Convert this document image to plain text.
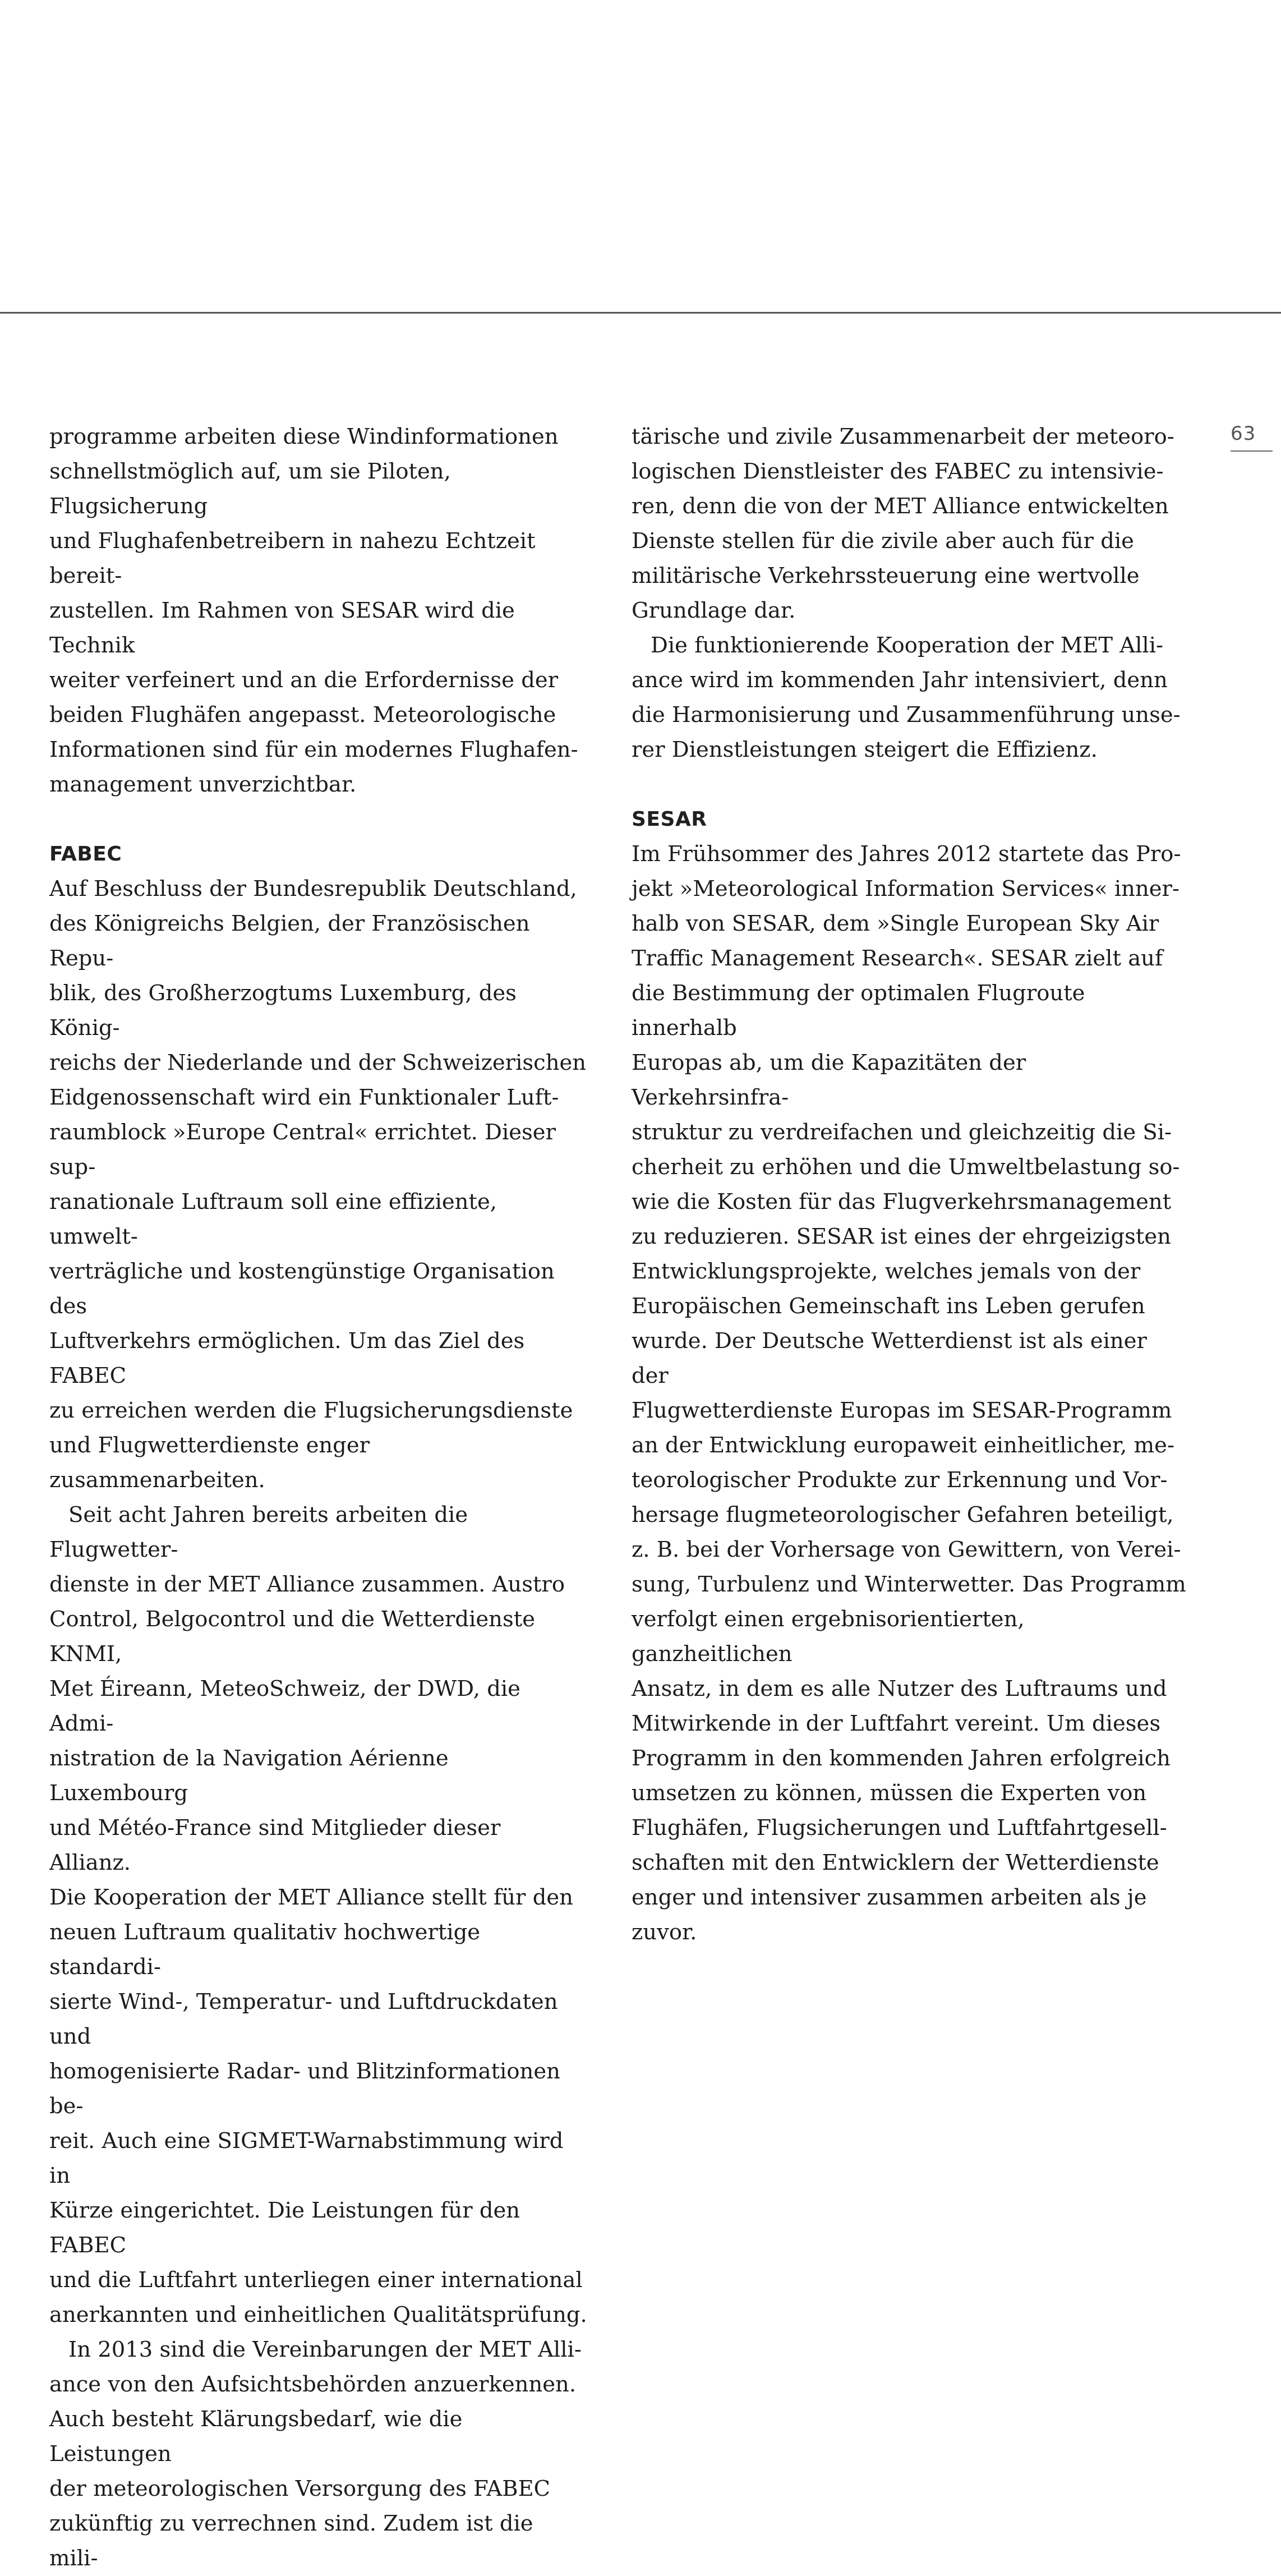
63

programme arbeiten diese Windinformationen
schnellstmöglich auf, um sie Piloten, Flugsicherung
und Flughafenbetreibern in nahezu Echtzeit bereit-
zustellen. Im Rahmen von SESAR wird die Technik
weiter verfeinert und an die Erfordernisse der
beiden Flughäfen angepasst. Meteorologische
Informationen sind für ein modernes Flughafen-
management unverzichtbar.

FABEC

Auf Beschluss der Bundesrepublik Deutschland,
des Königreichs Belgien, der Französischen Repu-
blik, des Großherzogtums Luxemburg, des König-
reichs der Niederlande und der Schweizerischen
Eidgenossenschaft wird ein Funktionaler Luft-
raumblock »Europe Central« errichtet. Dieser sup-
ranationale Luftraum soll eine effiziente, umwelt-
verträgliche und kostengünstige Organisation des
Luftverkehrs ermöglichen. Um das Ziel des FABEC
zu erreichen werden die Flugsicherungsdienste
und Flugwetterdienste enger zusammenarbeiten.

Seit acht Jahren bereits arbeiten die Flugwetter-
dienste in der MET Alliance zusammen. Austro
Control, Belgocontrol und die Wetterdienste KNMI,
Met Éireann, MeteoSchweiz, der DWD, die Admi-
nistration de la Navigation Aérienne Luxembourg
und Météo-France sind Mitglieder dieser Allianz.
Die Kooperation der MET Alliance stellt für den
neuen Luftraum qualitativ hochwertige standardi-
sierte Wind-, Temperatur- und Luftdruckdaten und
homogenisierte Radar- und Blitzinformationen be-
reit. Auch eine SIGMET-Warnabstimmung wird in
Kürze eingerichtet. Die Leistungen für den FABEC
und die Luftfahrt unterliegen einer international
anerkannten und einheitlichen Qualitätsprüfung.

In 2013 sind die Vereinbarungen der MET Alli-
ance von den Aufsichtsbehörden anzuerkennen.
Auch besteht Klärungsbedarf, wie die Leistungen
der meteorologischen Versorgung des FABEC
zukünftig zu verrechnen sind. Zudem ist die mili-

tärische und zivile Zusammenarbeit der meteoro-
logischen Dienstleister des FABEC zu intensivie-
ren, denn die von der MET Alliance entwickelten
Dienste stellen für die zivile aber auch für die
militärische Verkehrssteuerung eine wertvolle
Grundlage dar.

Die funktionierende Kooperation der MET Alli-
ance wird im kommenden Jahr intensiviert, denn
die Harmonisierung und Zusammenführung unse-
rer Dienstleistungen steigert die Effizienz.

SESAR

Im Frühsommer des Jahres 2012 startete das Pro-
jekt »Meteorological Information Services« inner-
halb von SESAR, dem »Single European Sky Air
Traffic Management Research«. SESAR zielt auf
die Bestimmung der optimalen Flugroute innerhalb
Europas ab, um die Kapazitäten der Verkehrsinfra-
struktur zu verdreifachen und gleichzeitig die Si-
cherheit zu erhöhen und die Umweltbelastung so-
wie die Kosten für das Flugverkehrsmanagement
zu reduzieren. SESAR ist eines der ehrgeizigsten
Entwicklungsprojekte, welches jemals von der
Europäischen Gemeinschaft ins Leben gerufen
wurde. Der Deutsche Wetterdienst ist als einer der
Flugwetterdienste Europas im SESAR-Programm
an der Entwicklung europaweit einheitlicher, me-
teorologischer Produkte zur Erkennung und Vor-
hersage flugmeteorologischer Gefahren beteiligt,
z. B. bei der Vorhersage von Gewittern, von Verei-
sung, Turbulenz und Winterwetter. Das Programm
verfolgt einen ergebnisorientierten, ganzheitlichen
Ansatz, in dem es alle Nutzer des Luftraums und
Mitwirkende in der Luftfahrt vereint. Um dieses
Programm in den kommenden Jahren erfolgreich
umsetzen zu können, müssen die Experten von
Flughäfen, Flugsicherungen und Luftfahrtgesell-
schaften mit den Entwicklern der Wetterdienste
enger und intensiver zusammen arbeiten als je
zuvor.
